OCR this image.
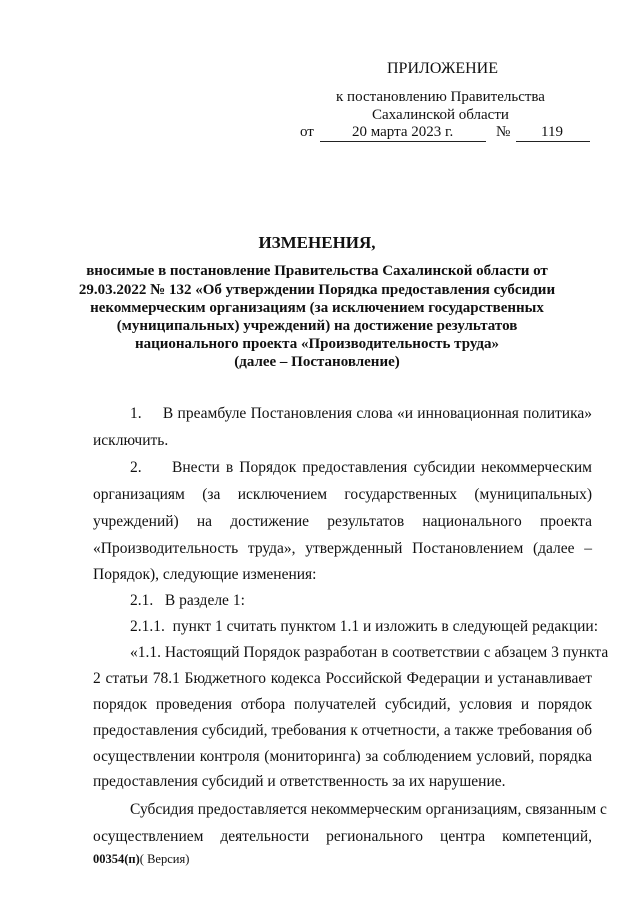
ПРИЛОЖЕНИЕ
к постановлению Правительства
Сахалинской области
от	20 марта 2023 г.	№ 119
ИЗМЕНЕНИЯ,
вносимые в постановление Правительства Сахалинской области от
29.03.2022 № 132 «Об утверждении Порядка предоставления субсидии
некоммерческим организациям (за исключением государственных
(муниципальных) учреждений) на достижение результатов
национального проекта «Производительность труда»
(далее – Постановление)
1.     В преамбуле Постановления слова «и инновационная политика»
исключить.
2.     Внести в Порядок предоставления субсидии некоммерческим
организациям (за исключением государственных (муниципальных)
учреждений) на достижение результатов национального проекта
«Производительность труда», утвержденный Постановлением (далее –
Порядок), следующие изменения:
2.1.   В разделе 1:
2.1.1.  пункт 1 считать пунктом 1.1 и изложить в следующей редакции:
«1.1. Настоящий Порядок разработан в соответствии с абзацем 3 пункта
2 статьи 78.1 Бюджетного кодекса Российской Федерации и устанавливает
порядок проведения отбора получателей субсидий, условия и порядок
предоставления субсидий, требования к отчетности, а также требования об
осуществлении контроля (мониторинга) за соблюдением условий, порядка
предоставления субсидий и ответственность за их нарушение.
Субсидия предоставляется некоммерческим организациям, связанным с
осуществлением деятельности регионального центра компетенций,
00354(п)( Версия)
